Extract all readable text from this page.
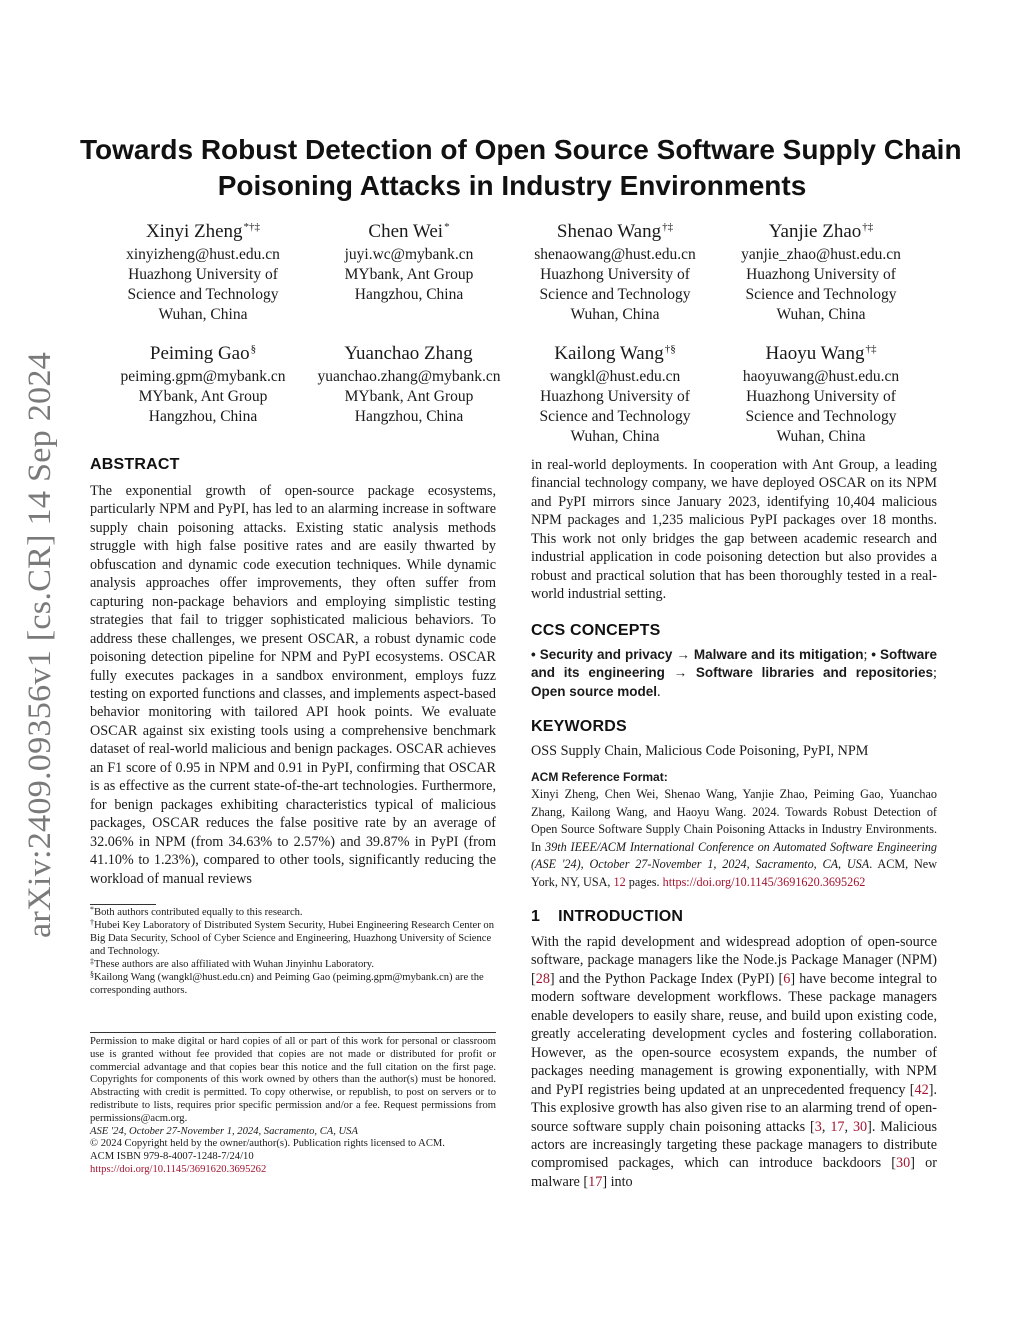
arXiv:2409.09356v1 [cs.CR] 14 Sep 2024
Towards Robust Detection of Open Source Software Supply Chain
Poisoning Attacks in Industry Environments
Xinyi Zheng*†‡
xinyizheng@hust.edu.cn
Huazhong University of
Science and Technology
Wuhan, China
Chen Wei*
juyi.wc@mybank.cn
MYbank, Ant Group
Hangzhou, China
Shenao Wang†‡
shenaowang@hust.edu.cn
Huazhong University of
Science and Technology
Wuhan, China
Yanjie Zhao†‡
yanjie_zhao@hust.edu.cn
Huazhong University of
Science and Technology
Wuhan, China
Peiming Gao§
peiming.gpm@mybank.cn
MYbank, Ant Group
Hangzhou, China
Yuanchao Zhang
yuanchao.zhang@mybank.cn
MYbank, Ant Group
Hangzhou, China
Kailong Wang†§
wangkl@hust.edu.cn
Huazhong University of
Science and Technology
Wuhan, China
Haoyu Wang†‡
haoyuwang@hust.edu.cn
Huazhong University of
Science and Technology
Wuhan, China
ABSTRACT
The exponential growth of open-source package ecosystems, particularly NPM and PyPI, has led to an alarming increase in software supply chain poisoning attacks. Existing static analysis methods struggle with high false positive rates and are easily thwarted by obfuscation and dynamic code execution techniques. While dynamic analysis approaches offer improvements, they often suffer from capturing non-package behaviors and employing simplistic testing strategies that fail to trigger sophisticated malicious behaviors. To address these challenges, we present OSCAR, a robust dynamic code poisoning detection pipeline for NPM and PyPI ecosystems. OSCAR fully executes packages in a sandbox environment, employs fuzz testing on exported functions and classes, and implements aspect-based behavior monitoring with tailored API hook points. We evaluate OSCAR against six existing tools using a comprehensive benchmark dataset of real-world malicious and benign packages. OSCAR achieves an F1 score of 0.95 in NPM and 0.91 in PyPI, confirming that OSCAR is as effective as the current state-of-the-art technologies. Furthermore, for benign packages exhibiting characteristics typical of malicious packages, OSCAR reduces the false positive rate by an average of 32.06% in NPM (from 34.63% to 2.57%) and 39.87% in PyPI (from 41.10% to 1.23%), compared to other tools, significantly reducing the workload of manual reviews
*Both authors contributed equally to this research.
†Hubei Key Laboratory of Distributed System Security, Hubei Engineering Research Center on Big Data Security, School of Cyber Science and Engineering, Huazhong University of Science and Technology.
‡These authors are also affiliated with Wuhan Jinyinhu Laboratory.
§Kailong Wang (wangkl@hust.edu.cn) and Peiming Gao (peiming.gpm@mybank.cn) are the corresponding authors.

Permission to make digital or hard copies of all or part of this work for personal or classroom use is granted without fee provided that copies are not made or distributed for profit or commercial advantage and that copies bear this notice and the full citation on the first page. Copyrights for components of this work owned by others than the author(s) must be honored. Abstracting with credit is permitted. To copy otherwise, or republish, to post on servers or to redistribute to lists, requires prior specific permission and/or a fee. Request permissions from permissions@acm.org.

ASE '24, October 27-November 1, 2024, Sacramento, CA, USA

© 2024 Copyright held by the owner/author(s). Publication rights licensed to ACM.

ACM ISBN 979-8-4007-1248-7/24/10

https://doi.org/10.1145/3691620.3695262

in real-world deployments. In cooperation with Ant Group, a leading financial technology company, we have deployed OSCAR on its NPM and PyPI mirrors since January 2023, identifying 10,404 malicious NPM packages and 1,235 malicious PyPI packages over 18 months. This work not only bridges the gap between academic research and industrial application in code poisoning detection but also provides a robust and practical solution that has been thoroughly tested in a real-world industrial setting.
CCS CONCEPTS
• Security and privacy → Malware and its mitigation; • Software and its engineering → Software libraries and repositories; Open source model.
KEYWORDS
OSS Supply Chain, Malicious Code Poisoning, PyPI, NPM
ACM Reference Format:
Xinyi Zheng, Chen Wei, Shenao Wang, Yanjie Zhao, Peiming Gao, Yuanchao Zhang, Kailong Wang, and Haoyu Wang. 2024. Towards Robust Detection of Open Source Software Supply Chain Poisoning Attacks in Industry Environments. In 39th IEEE/ACM International Conference on Automated Software Engineering (ASE '24), October 27-November 1, 2024, Sacramento, CA, USA. ACM, New York, NY, USA, 12 pages. https://doi.org/10.1145/3691620.3695262
1 INTRODUCTION
With the rapid development and widespread adoption of open-source software, package managers like the Node.js Package Manager (NPM) [28] and the Python Package Index (PyPI) [6] have become integral to modern software development workflows. These package managers enable developers to easily share, reuse, and build upon existing code, greatly accelerating development cycles and fostering collaboration. However, as the open-source ecosystem expands, the number of packages needing management is growing exponentially, with NPM and PyPI registries being updated at an unprecedented frequency [42]. This explosive growth has also given rise to an alarming trend of open-source software supply chain poisoning attacks [3, 17, 30]. Malicious actors are increasingly targeting these package managers to distribute compromised packages, which can introduce backdoors [30] or malware [17] into
